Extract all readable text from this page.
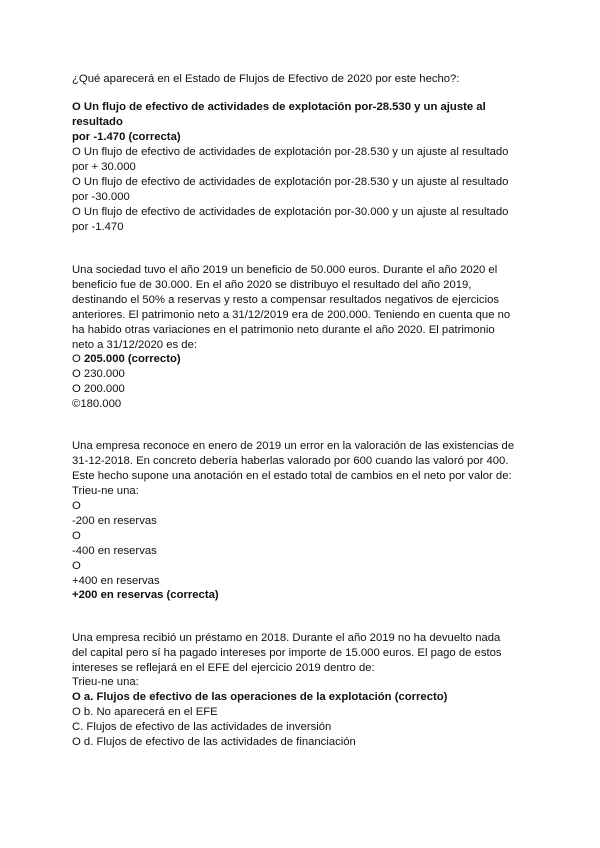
¿Qué aparecerá en el Estado de Flujos de Efectivo de 2020 por este hecho?:
O Un flujo de efectivo de actividades de explotación por-28.530 y un ajuste al
resultado
por -1.470 (correcta)
O Un flujo de efectivo de actividades de explotación por-28.530 y un ajuste al resultado
por + 30.000
O Un flujo de efectivo de actividades de explotación por-28.530 y un ajuste al resultado
por -30.000
O Un flujo de efectivo de actividades de explotación por-30.000 y un ajuste al resultado
por -1.470
Una sociedad tuvo el año 2019 un beneficio de 50.000 euros. Durante el año 2020 el
beneficio fue de 30.000. En el año 2020 se distribuyo el resultado del año 2019,
destinando el 50% a reservas y resto a compensar resultados negativos de ejercicios
anteriores. El patrimonio neto a 31/12/2019 era de 200.000. Teniendo en cuenta que no
ha habido otras variaciones en el patrimonio neto durante el año 2020. El patrimonio
neto a 31/12/2020 es de:
O 205.000 (correcto)
O 230.000
O 200.000
©180.000
Una empresa reconoce en enero de 2019 un error en la valoración de las existencias de
31-12-2018. En concreto debería haberlas valorado por 600 cuando las valoró por 400.
Este hecho supone una anotación en el estado total de cambios en el neto por valor de:
Trieu-ne una:
O
-200 en reservas
O
-400 en reservas
O
+400 en reservas
+200 en reservas (correcta)
Una empresa recibió un préstamo en 2018. Durante el año 2019 no ha devuelto nada
del capital pero sí ha pagado intereses por importe de 15.000 euros. El pago de estos
intereses se reflejará en el EFE del ejercicio 2019 dentro de:
Trieu-ne una:
O a. Flujos de efectivo de las operaciones de la explotación (correcto)
O b. No aparecerá en el EFE
C. Flujos de efectivo de las actividades de inversión
O d. Flujos de efectivo de las actividades de financiación
